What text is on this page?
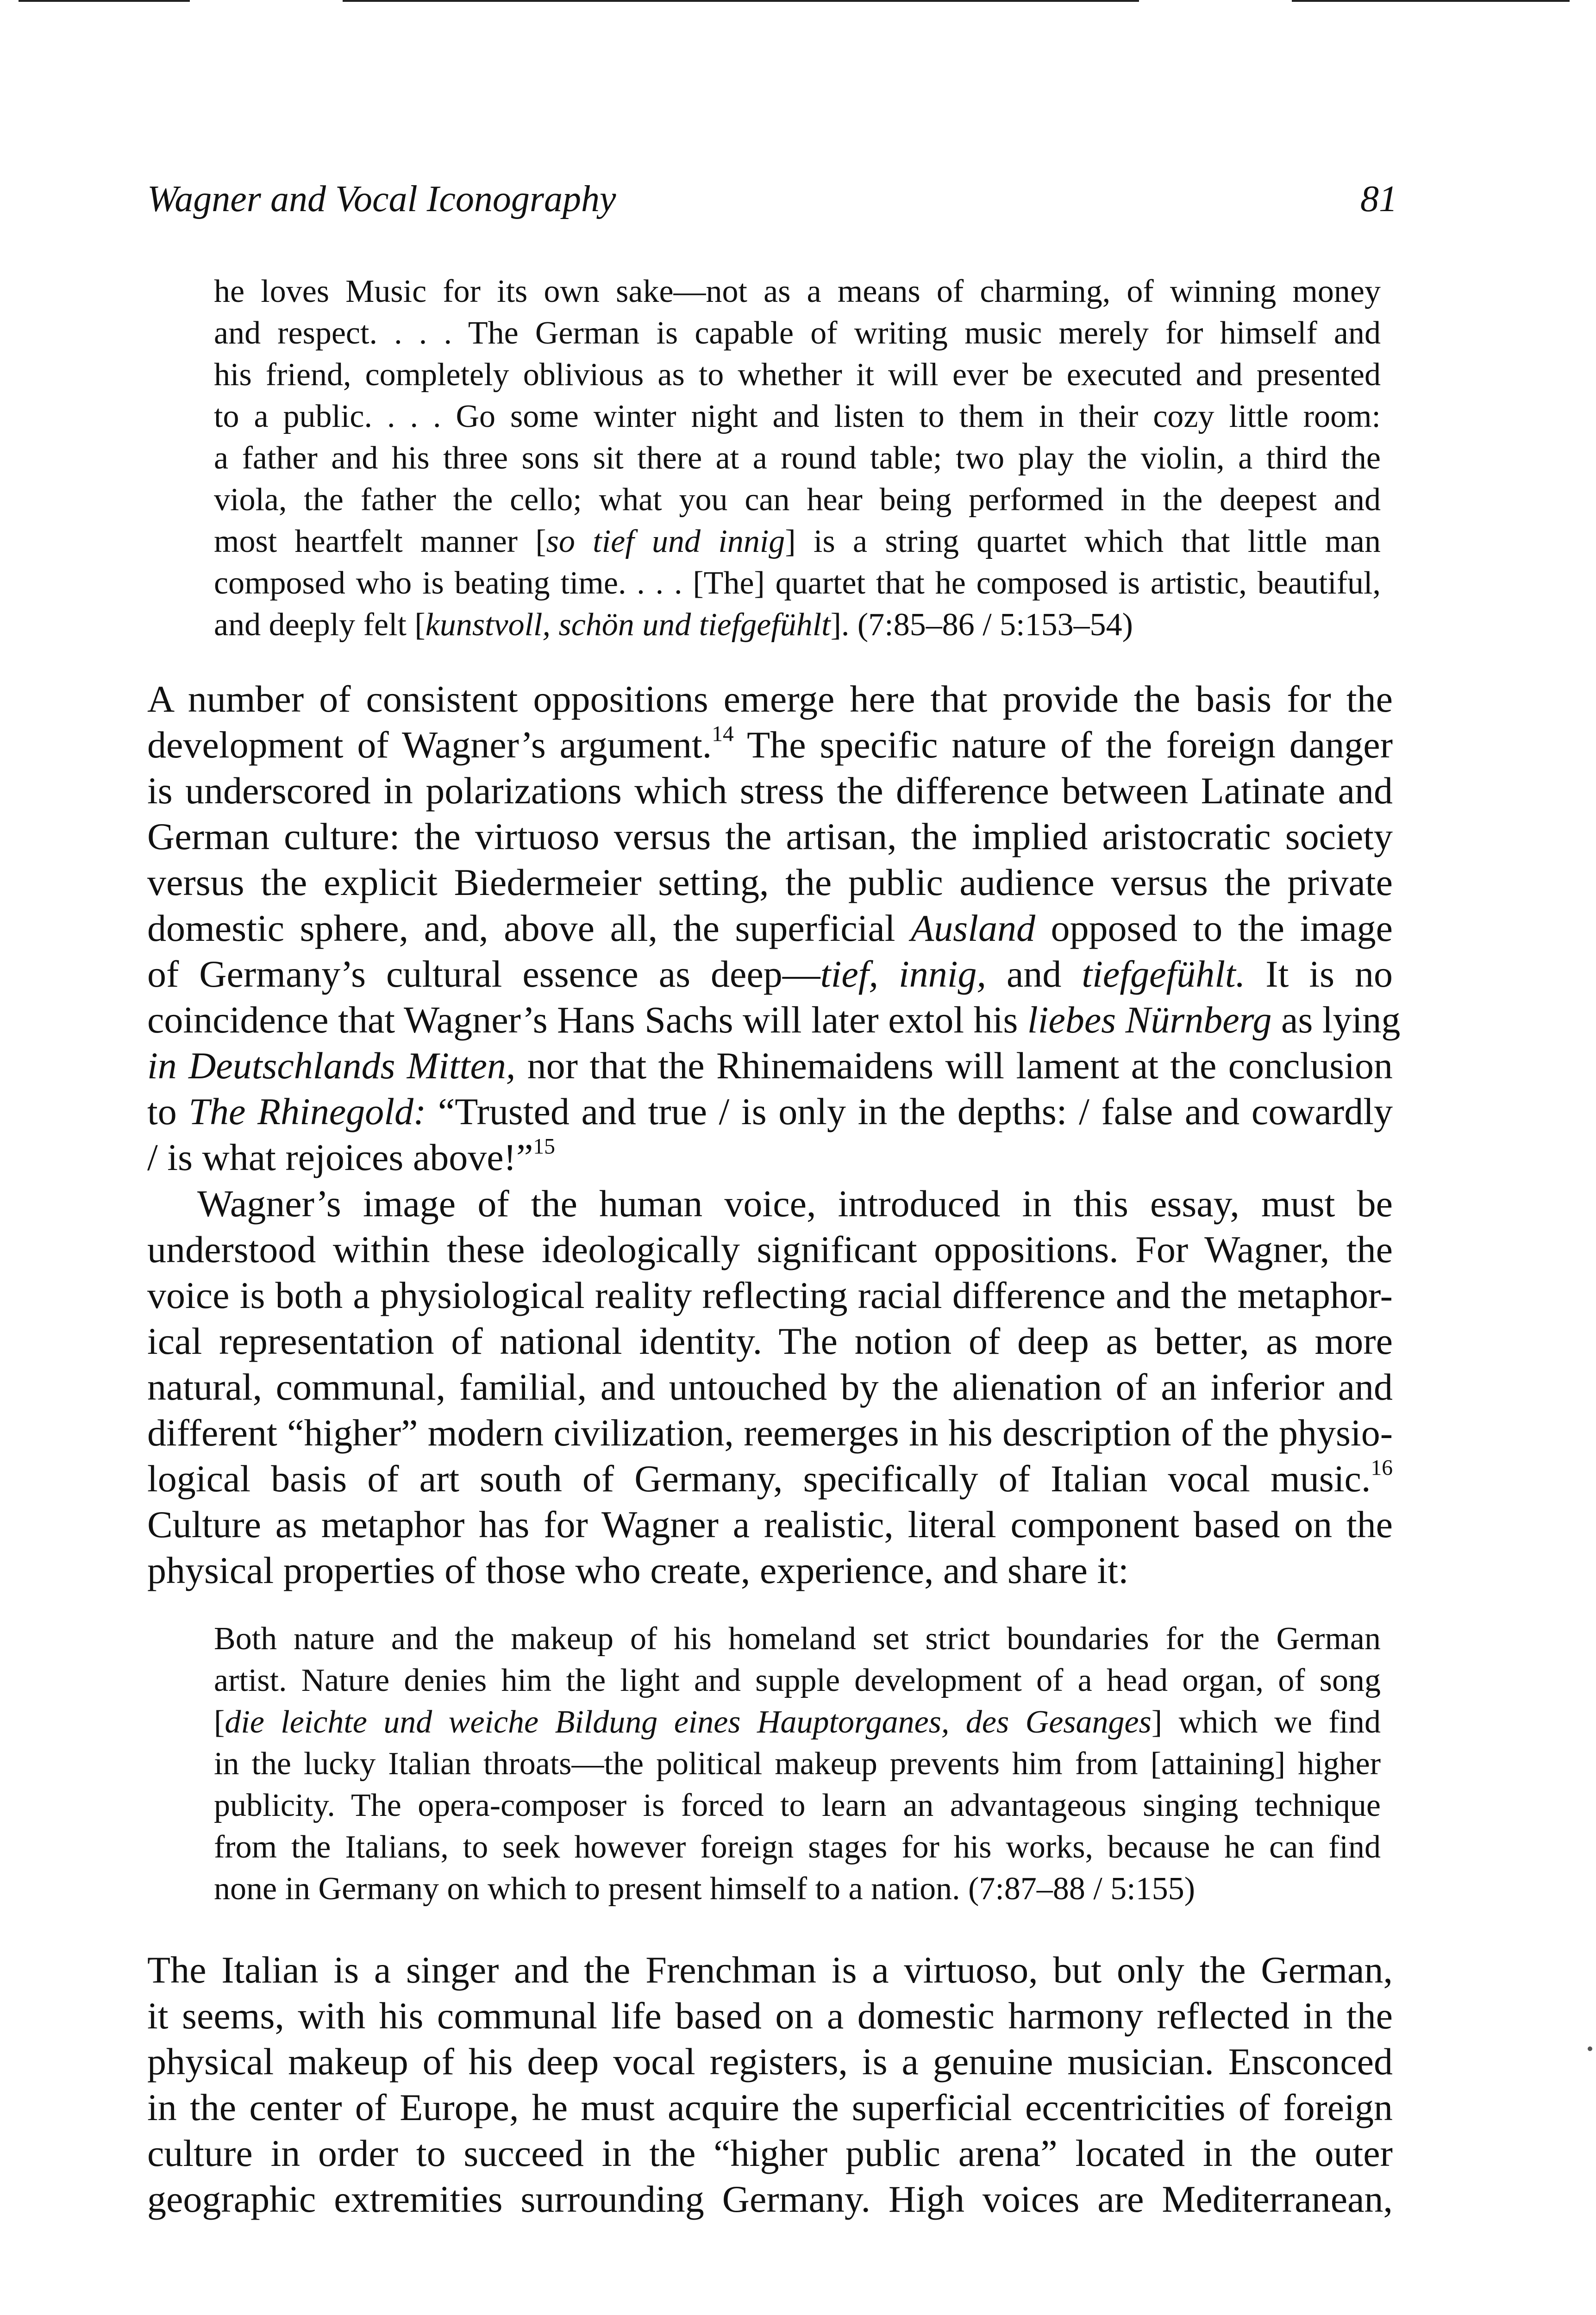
Wagner and Vocal Iconography	81
he loves Music for its own sake—not as a means of charming, of winning money
and respect. . . . The German is capable of writing music merely for himself and
his friend, completely oblivious as to whether it will ever be executed and presented
to a public. . . . Go some winter night and listen to them in their cozy little room:
a father and his three sons sit there at a round table; two play the violin, a third the
viola, the father the cello; what you can hear being performed in the deepest and
most heartfelt manner [so tief und innig] is a string quartet which that little man
composed who is beating time. . . . [The] quartet that he composed is artistic, beautiful,
and deeply felt [kunstvoll, schön und tiefgefühlt]. (7:85–86 / 5:153–54)
A number of consistent oppositions emerge here that provide the basis for the
development of Wagner’s argument.$^{14}$ The specific nature of the foreign danger
is underscored in polarizations which stress the difference between Latinate and
German culture: the virtuoso versus the artisan, the implied aristocratic society
versus the explicit Biedermeier setting, the public audience versus the private
domestic sphere, and, above all, the superficial Ausland opposed to the image
of Germany’s cultural essence as deep—tief, innig, and tiefgefühlt. It is no
coincidence that Wagner’s Hans Sachs will later extol his liebes Nürnberg as lying
in Deutschlands Mitten, nor that the Rhinemaidens will lament at the conclusion
to The Rhinegold: “Trusted and true / is only in the depths: / false and cowardly
/ is what rejoices above!”$^{15}$
Wagner’s image of the human voice, introduced in this essay, must be
understood within these ideologically significant oppositions. For Wagner, the
voice is both a physiological reality reflecting racial difference and the metaphor-
ical representation of national identity. The notion of deep as better, as more
natural, communal, familial, and untouched by the alienation of an inferior and
different “higher” modern civilization, reemerges in his description of the physio-
logical basis of art south of Germany, specifically of Italian vocal music.$^{16}$
Culture as metaphor has for Wagner a realistic, literal component based on the
physical properties of those who create, experience, and share it:
Both nature and the makeup of his homeland set strict boundaries for the German
artist. Nature denies him the light and supple development of a head organ, of song
[die leichte und weiche Bildung eines Hauptorganes, des Gesanges] which we find
in the lucky Italian throats—the political makeup prevents him from [attaining] higher
publicity. The opera-composer is forced to learn an advantageous singing technique
from the Italians, to seek however foreign stages for his works, because he can find
none in Germany on which to present himself to a nation. (7:87–88 / 5:155)
The Italian is a singer and the Frenchman is a virtuoso, but only the German,
it seems, with his communal life based on a domestic harmony reflected in the
physical makeup of his deep vocal registers, is a genuine musician. Ensconced
in the center of Europe, he must acquire the superficial eccentricities of foreign
culture in order to succeed in the “higher public arena” located in the outer
geographic extremities surrounding Germany. High voices are Mediterranean,
